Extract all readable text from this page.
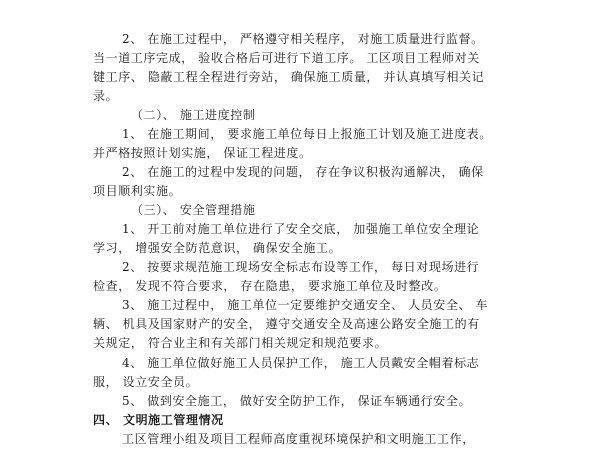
2、 在施工过程中， 严格遵守相关程序， 对施工质量进行监督。
当一道工序完成， 验收合格后可进行下道工序。 工区项目工程师对关
键工序、 隐蔽工程全程进行旁站， 确保施工质量， 并认真填写相关记
录。
（二）、 施工进度控制
1、 在施工期间， 要求施工单位每日上报施工计划及施工进度表。
并严格按照计划实施， 保证工程进度。
2、 在施工的过程中发现的问题， 存在争议积极沟通解决， 确保
项目顺利实施。
（三）、 安全管理措施
1、 开工前对施工单位进行了安全交底， 加强施工单位安全理论
学习， 增强安全防范意识， 确保安全施工。
2、 按要求规范施工现场安全标志布设等工作， 每日对现场进行
检查， 发现不符合要求， 存在隐患， 要求施工单位及时整改。
3、 施工过程中， 施工单位一定要维护交通安全、 人员安全、 车
辆、 机具及国家财产的安全， 遵守交通安全及高速公路安全施工的有
关规定， 符合业主和有关部门相关规定和规范要求。
4、 施工单位做好施工人员保护工作， 施工人员戴安全帽着标志
服， 设立安全员。
5、 做到安全施工， 做好安全防护工作， 保证车辆通行安全。
四、 文明施工管理情况
工区管理小组及项目工程师高度重视环境保护和文明施工工作，
